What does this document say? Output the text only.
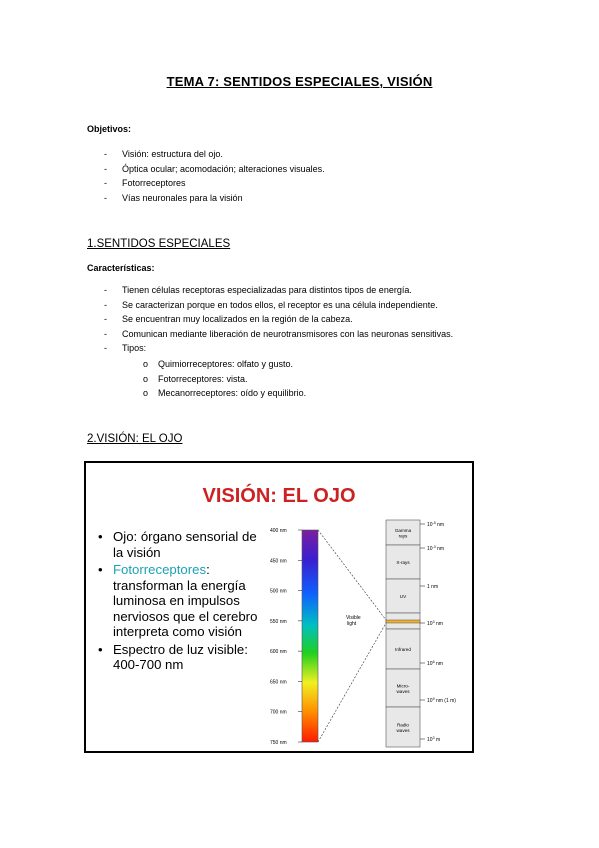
TEMA 7: SENTIDOS ESPECIALES, VISIÓN
Objetivos:
- Visión: estructura del ojo.
- Óptica ocular; acomodación; alteraciones visuales.
- Fotorreceptores
- Vías neuronales para la visión
1.SENTIDOS ESPECIALES
Características:
- Tienen células receptoras especializadas para distintos tipos de energía.
- Se caracterizan porque en todos ellos, el receptor es una célula independiente.
- Se encuentran muy localizados en la región de la cabeza.
- Comunican mediante liberación de neurotransmisores con las neuronas sensitivas.
- Tipos:
o Quimiorreceptores: olfato y gusto.
o Fotorreceptores: vista.
o Mecanorreceptores: oído y equilibrio.
2.VISIÓN: EL OJO
VISIÓN: EL OJO
• Ojo: órgano sensorial de la visión
• Fotorreceptores: transforman la energía luminosa en impulsos nerviosos que el cerebro interpreta como visión
• Espectro de luz visible: 400-700 nm
400 nm
450 nm
500 nm
550 nm
600 nm
650 nm
700 nm
750 nm
Visible light
Gamma
rays
X-rays
UV
Infrared
Micro-
waves
Radio
waves
$10^{-5}$ nm
$10^{-3}$ nm
1 nm
$10^3$ nm
$10^6$ nm
$10^9$ nm (1 m)
$10^3$ m
